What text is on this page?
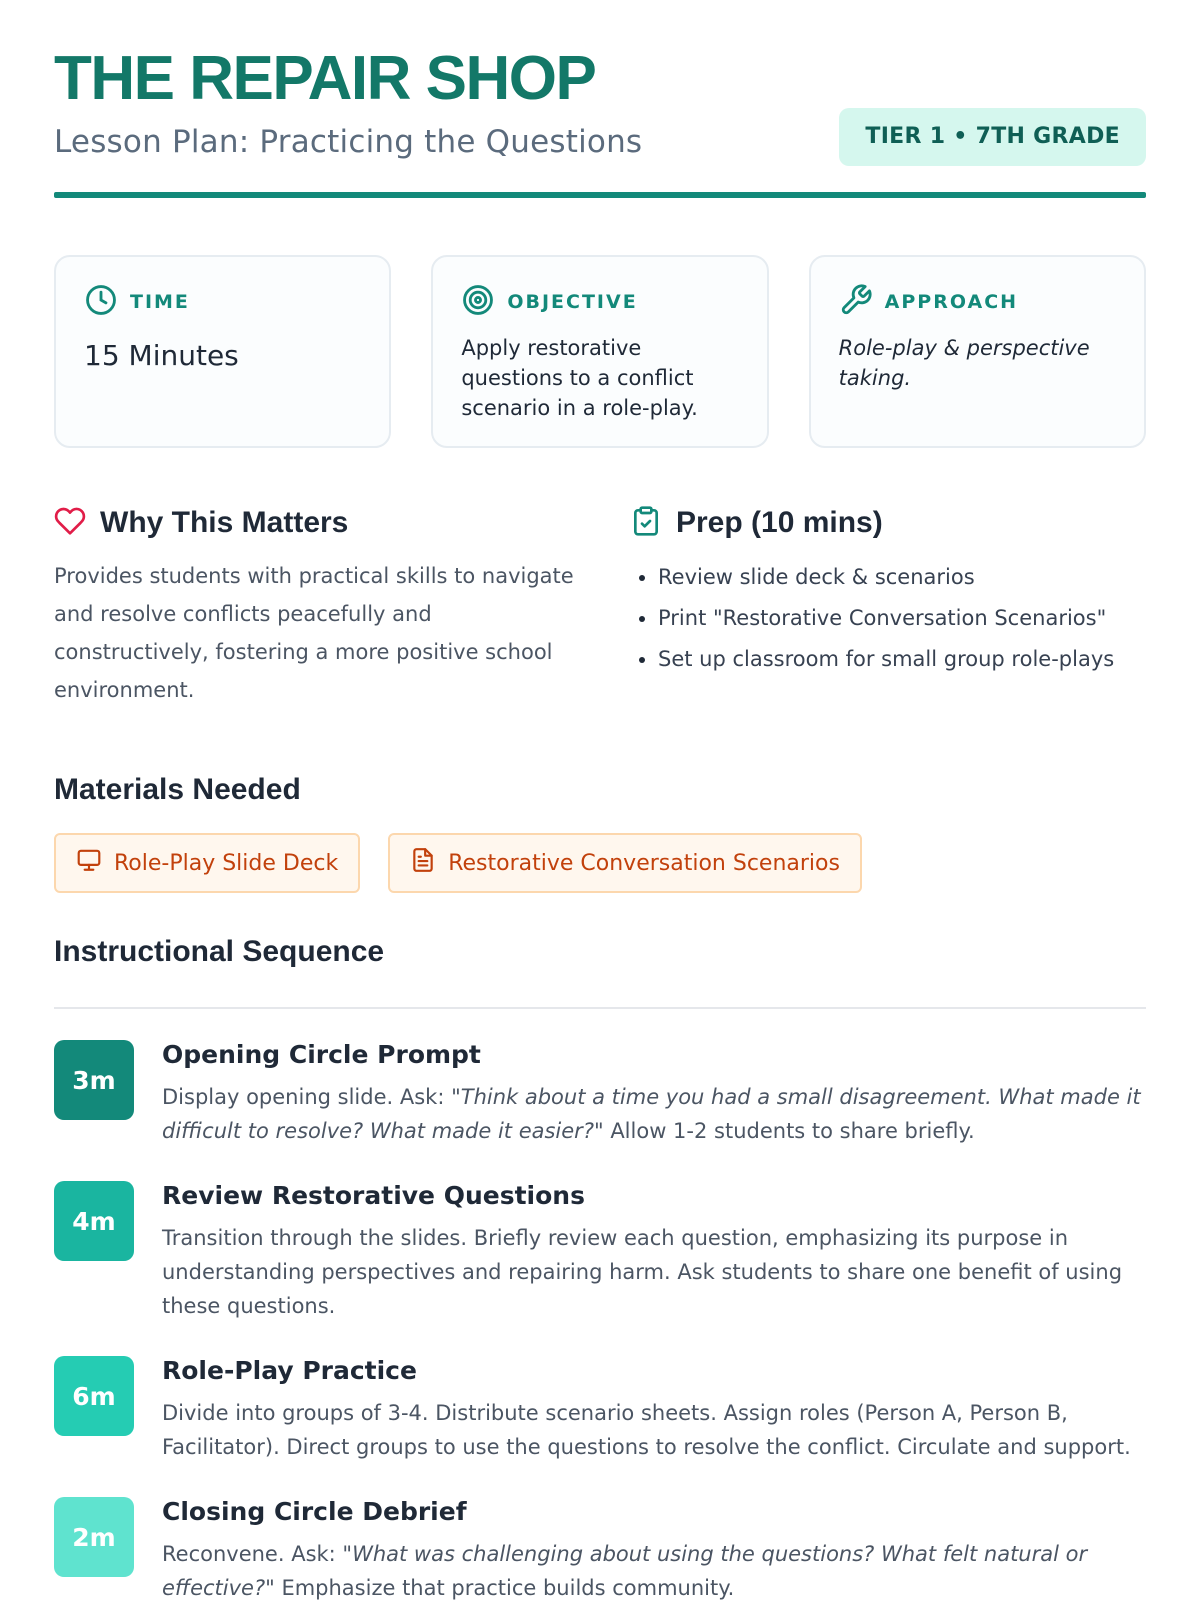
THE REPAIR SHOP
Lesson Plan: Practicing the Questions	TIER 1 • 7TH GRADE
TIME
15 Minutes
OBJECTIVE
Apply restorative questions to a conflict scenario in a role-play.
APPROACH
Role-play & perspective taking.
Why This Matters
Provides students with practical skills to navigate and resolve conflicts peacefully and constructively, fostering a more positive school environment.
Prep (10 mins)
• Review slide deck & scenarios
• Print "Restorative Conversation Scenarios"
• Set up classroom for small group role-plays
Materials Needed
Role-Play Slide Deck	Restorative Conversation Scenarios
Instructional Sequence
3m
Opening Circle Prompt
Display opening slide. Ask: "Think about a time you had a small disagreement. What made it difficult to resolve? What made it easier?" Allow 1-2 students to share briefly.
4m
Review Restorative Questions
Transition through the slides. Briefly review each question, emphasizing its purpose in understanding perspectives and repairing harm. Ask students to share one benefit of using these questions.
6m
Role-Play Practice
Divide into groups of 3-4. Distribute scenario sheets. Assign roles (Person A, Person B, Facilitator). Direct groups to use the questions to resolve the conflict. Circulate and support.
2m
Closing Circle Debrief
Reconvene. Ask: "What was challenging about using the questions? What felt natural or effective?" Emphasize that practice builds community.
